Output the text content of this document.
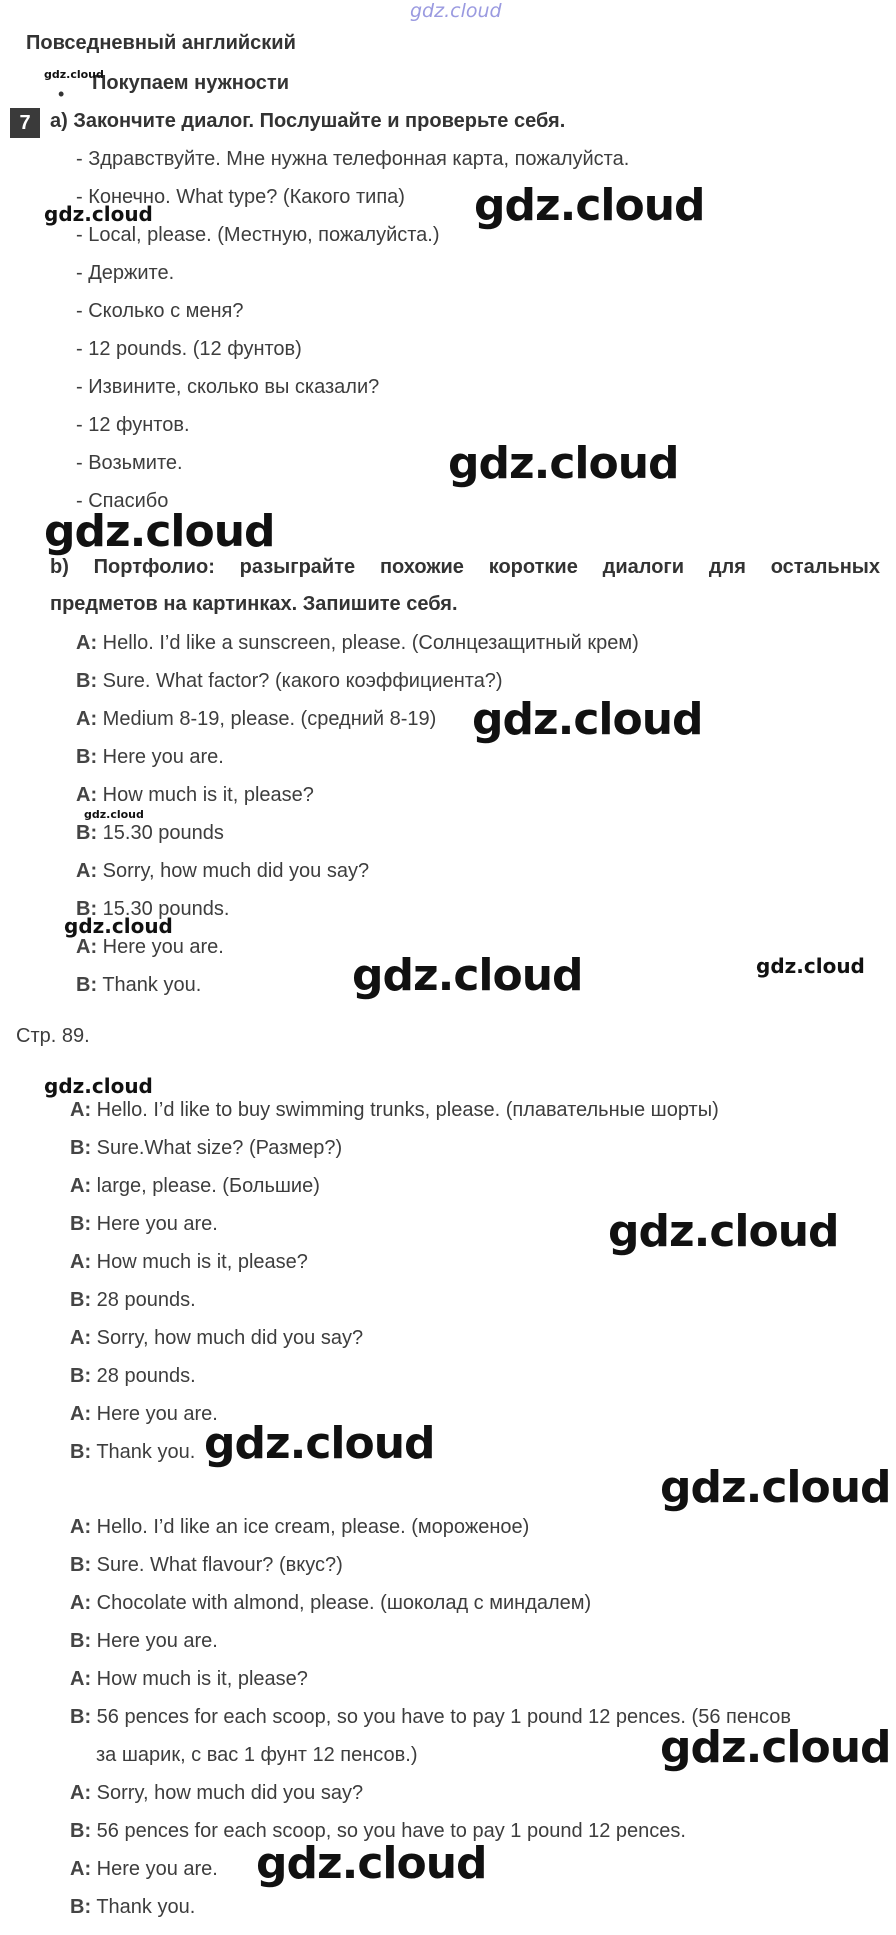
gdz.cloud
Повседневный английский
• Покупаем нужности
7 a) Закончите диалог. Послушайте и проверьте себя.
- Здравствуйте. Мне нужна телефонная карта, пожалуйста.
- Конечно. What type? (Какого типа)
- Local, please. (Местную, пожалуйста.)
- Держите.
- Сколько с меня?
- 12 pounds. (12 фунтов)
- Извините, сколько вы сказали?
- 12 фунтов.
- Возьмите.
- Спасибо
b) Портфолио: разыграйте похожие короткие диалоги для остальных
предметов на картинках. Запишите себя.
A: Hello. I’d like a sunscreen, please. (Солнцезащитный крем)
B: Sure. What factor? (какого коэффициента?)
A: Medium 8-19, please. (средний 8-19)
B: Here you are.
A: How much is it, please?
B: 15.30 pounds
A: Sorry, how much did you say?
B: 15.30 pounds.
A: Here you are.
B: Thank you.
Стр. 89.
A: Hello. I’d like to buy swimming trunks, please. (плавательные шорты)
B: Sure.What size? (Размер?)
A: large, please. (Большие)
B: Here you are.
A: How much is it, please?
B: 28 pounds.
A: Sorry, how much did you say?
B: 28 pounds.
A: Here you are.
B: Thank you.
A: Hello. I’d like an ice cream, please. (мороженое)
B: Sure. What flavour? (вкус?)
A: Chocolate with almond, please. (шоколад с миндалем)
B: Here you are.
A: How much is it, please?
B: 56 pences for each scoop, so you have to pay 1 pound 12 pences. (56 пенсов
за шарик, с вас 1 фунт 12 пенсов.)
A: Sorry, how much did you say?
B: 56 pences for each scoop, so you have to pay 1 pound 12 pences.
A: Here you are.
B: Thank you.
gdz.cloud
gdz.cloud
gdz.cloud
gdz.cloud
gdz.cloud
gdz.cloud
gdz.cloud
gdz.cloud
gdz.cloud	gdz.cloud
gdz.cloud
gdz.cloud
gdz.cloud
gdz.cloud
gdz.cloud
gdz.cloud
